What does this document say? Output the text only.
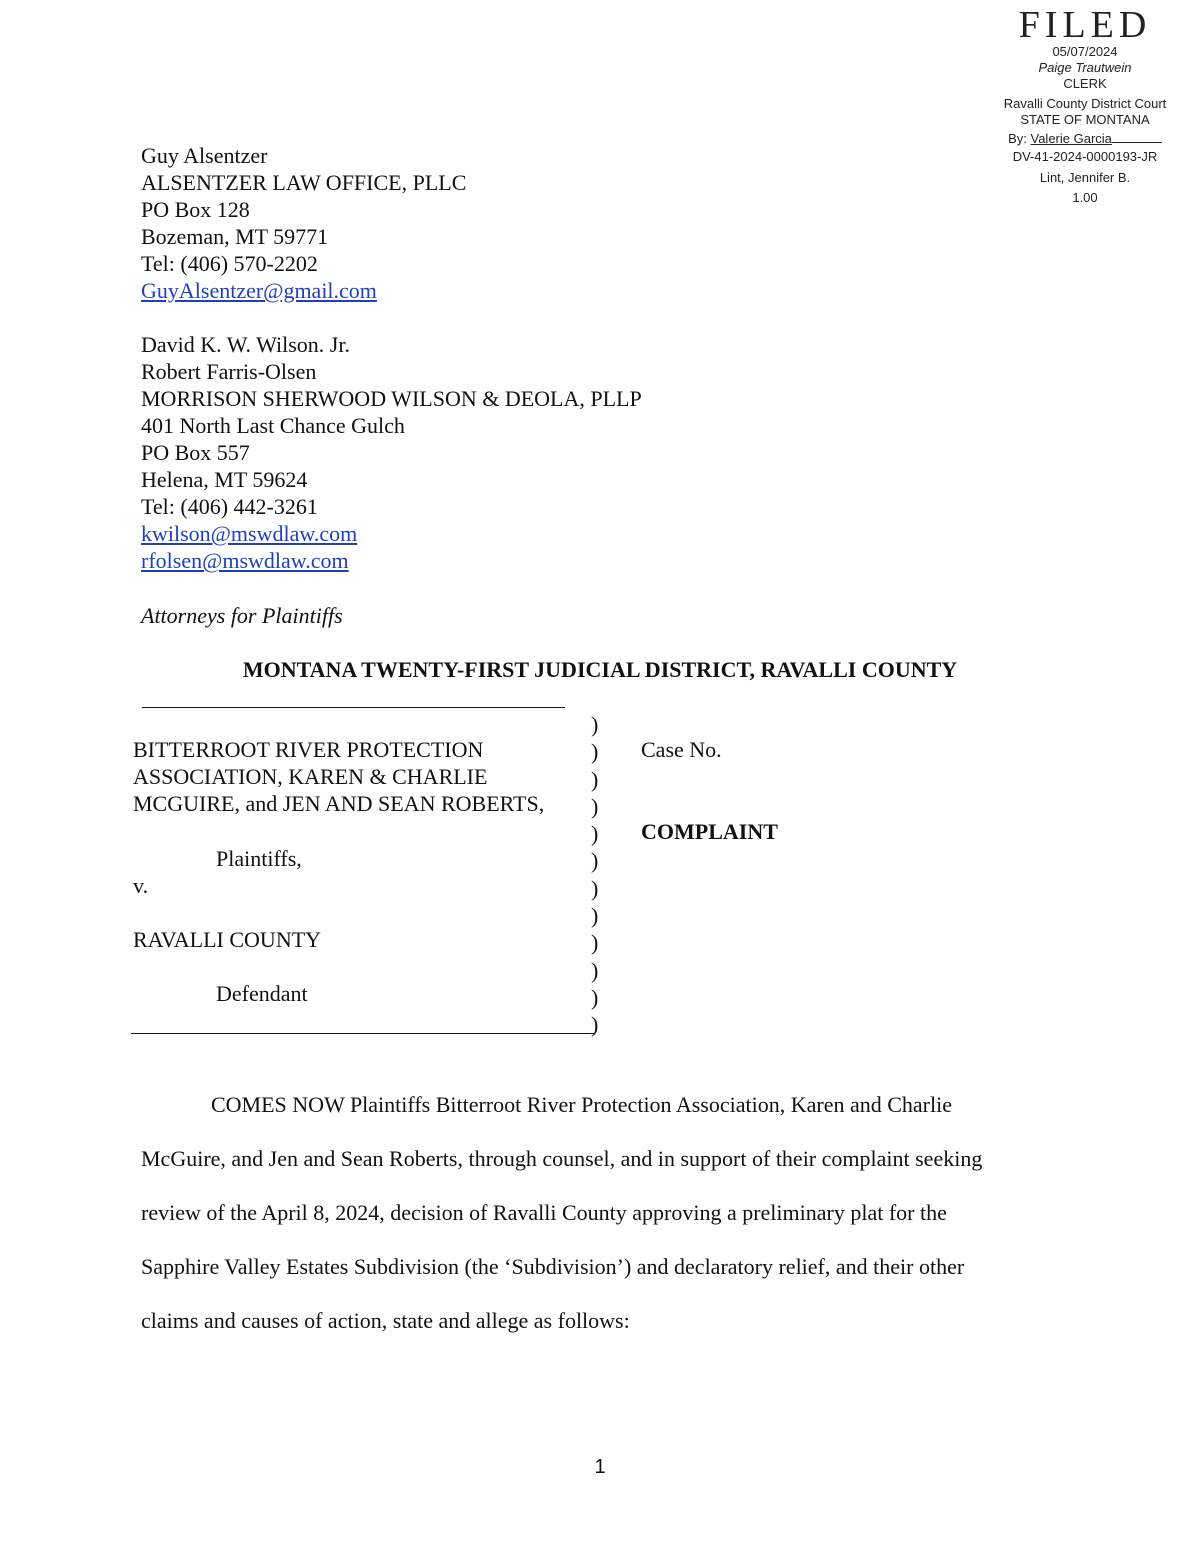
FILED
05/07/2024
Paige Trautwein
CLERK
Ravalli County District Court
STATE OF MONTANA
By: Valerie Garcia
DV-41-2024-0000193-JR
Lint, Jennifer B.
1.00
Guy Alsentzer
ALSENTZER LAW OFFICE, PLLC
PO Box 128
Bozeman, MT 59771
Tel: (406) 570-2202
GuyAlsentzer@gmail.com
David K. W. Wilson. Jr.
Robert Farris-Olsen
MORRISON SHERWOOD WILSON & DEOLA, PLLP
401 North Last Chance Gulch
PO Box 557
Helena, MT 59624
Tel: (406) 442-3261
kwilson@mswdlaw.com
rfolsen@mswdlaw.com
Attorneys for Plaintiffs
MONTANA TWENTY-FIRST JUDICIAL DISTRICT, RAVALLI COUNTY
BITTERROOT RIVER PROTECTION
ASSOCIATION, KAREN & CHARLIE
MCGUIRE, and JEN AND SEAN ROBERTS,
Plaintiffs,
v.
RAVALLI COUNTY
Defendant
)
)
)
)
)
)
)
)
)
)
)
)
Case No.
COMPLAINT
COMES NOW Plaintiffs Bitterroot River Protection Association, Karen and Charlie
McGuire, and Jen and Sean Roberts, through counsel, and in support of their complaint seeking
review of the April 8, 2024, decision of Ravalli County approving a preliminary plat for the
Sapphire Valley Estates Subdivision (the ‘Subdivision’) and declaratory relief, and their other
claims and causes of action, state and allege as follows:
1
